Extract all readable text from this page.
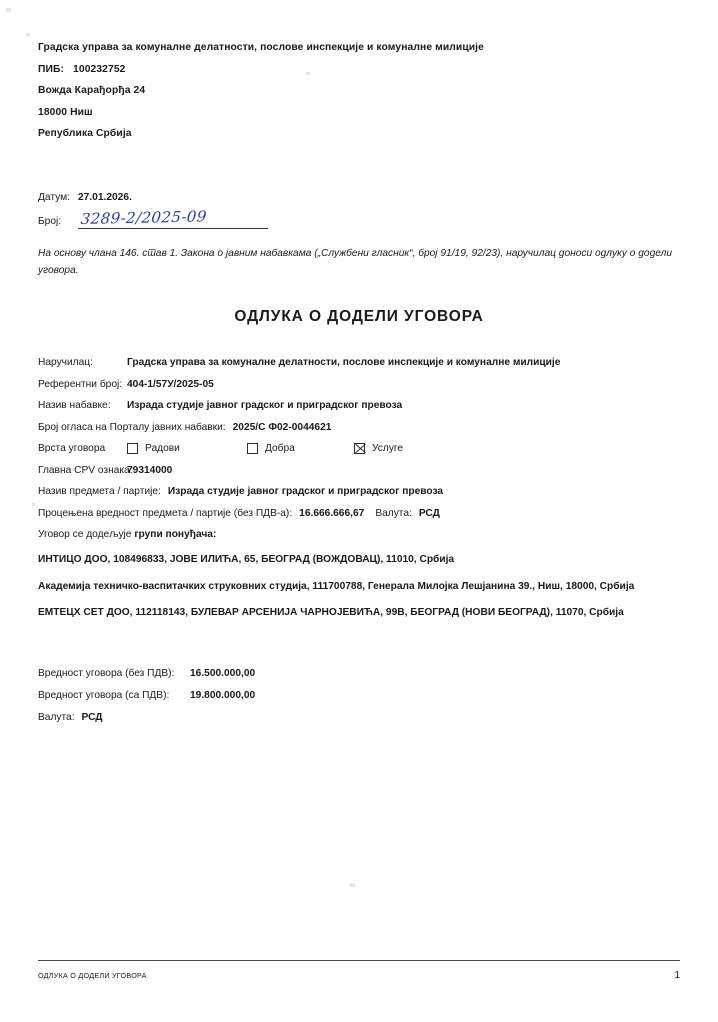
Градска управа за комуналне делатности, послове инспекције и комуналне милиције
ПИБ: 100232752
Вожда Карађорђа 24
18000 Ниш
Република Србија
Датум: 27.01.2026.
Број:	3289-2/2025-09
На основу члана 146. став 1. Закона о јавним набавкама („Службени гласник“, број 91/19, 92/23), наручилац доноси одлуку о додели уговора.
ОДЛУКА О ДОДЕЛИ УГОВОРА
Наручилац:	Градска управа за комуналне делатности, послове инспекције и комуналне милиције
Референтни број: 404-1/57У/2025-05
Назив набавке:	Израда студије јавног градског и приградског превоза
Број огласа на Порталу јавних набавки: 2025/С Ф02-0044621
Врста уговора	Радови	Добра	Услуге
Главна CPV ознака:
79314000
Назив предмета / партије: Израда студије јавног градског и приградског превоза
Процењена вредност предмета / партије (без ПДВ-а): 16.666.666,67 Валута: РСД
Уговор се додељује групи понуђача:
ИНТИЦО ДОО, 108496833, ЈОВЕ ИЛИЋА, 65, БЕОГРАД (ВОЖДОВАЦ), 11010, Србија
Академија техничко-васпитачких струковних студија, 111700788, Генерала Милојка Лешјанина 39., Ниш, 18000, Србија
ЕМТЕЦХ СЕТ ДОО, 112118143, БУЛЕВАР АРСЕНИЈА ЧАРНОЈЕВИЋА, 99В, БЕОГРАД (НОВИ БЕОГРАД), 11070, Србија
Вредност уговора (без ПДВ):	16.500.000,00
Вредност уговора (са ПДВ):	19.800.000,00
Валута: РСД
ОДЛУКА О ДОДЕЛИ УГОВОРА	1
